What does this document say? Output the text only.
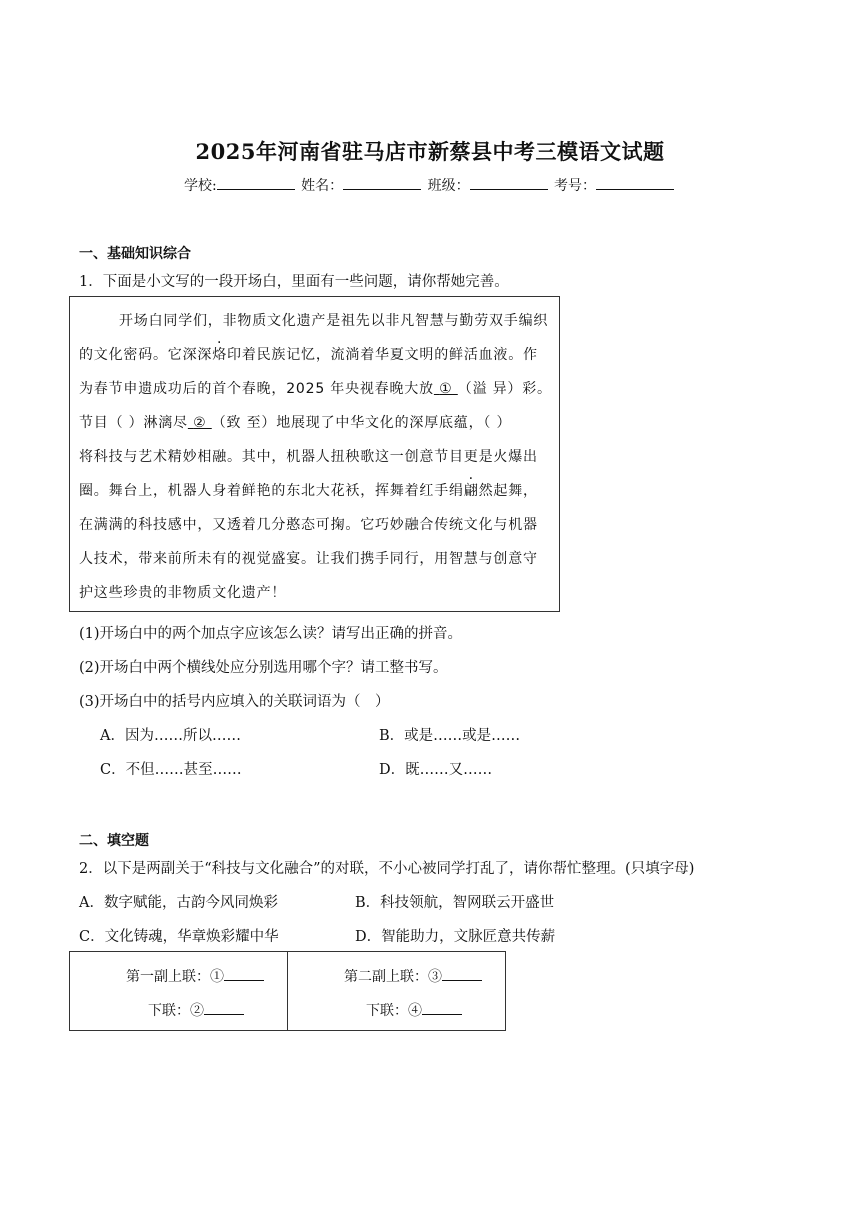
2025年河南省驻马店市新蔡县中考三模语文试题
学校:	姓名：	班级：	考号：
一、基础知识综合
1．下面是小文写的一段开场白，里面有一些问题，请你帮她完善。
开场白同学们，非物质文化遗产是祖先以非凡智慧与勤劳双手编织
的文化密码。它深深烙印着民族记忆，流淌着华夏文明的鲜活血液。作
为春节申遗成功后的首个春晚，2025 年央视春晚大放 ① （溢 异）彩。
节目（ ）淋漓尽 ② （致 至）地展现了中华文化的深厚底蕴，（ ）
将科技与艺术精妙相融。其中，机器人扭秧歌这一创意节目更是火爆出
圈。舞台上，机器人身着鲜艳的东北大花袄，挥舞着红手绢翩然起舞，
在满满的科技感中，又透着几分憨态可掬。它巧妙融合传统文化与机器
人技术，带来前所未有的视觉盛宴。让我们携手同行，用智慧与创意守
护这些珍贵的非物质文化遗产！
(1)开场白中的两个加点字应该怎么读？请写出正确的拼音。
(2)开场白中两个横线处应分别选用哪个字？请工整书写。
(3)开场白中的括号内应填入的关联词语为（　）
A．因为……所以……	B．或是……或是……
C．不但……甚至……	D．既……又……
二、填空题
2．以下是两副关于“科技与文化融合”的对联，不小心被同学打乱了，请你帮忙整理。(只填字母)
A．数字赋能，古韵今风同焕彩	B．科技领航，智网联云开盛世
C．文化铸魂，华章焕彩耀中华	D．智能助力，文脉匠意共传薪
第一副上联：①
下联：②
第二副上联：③
下联：④
